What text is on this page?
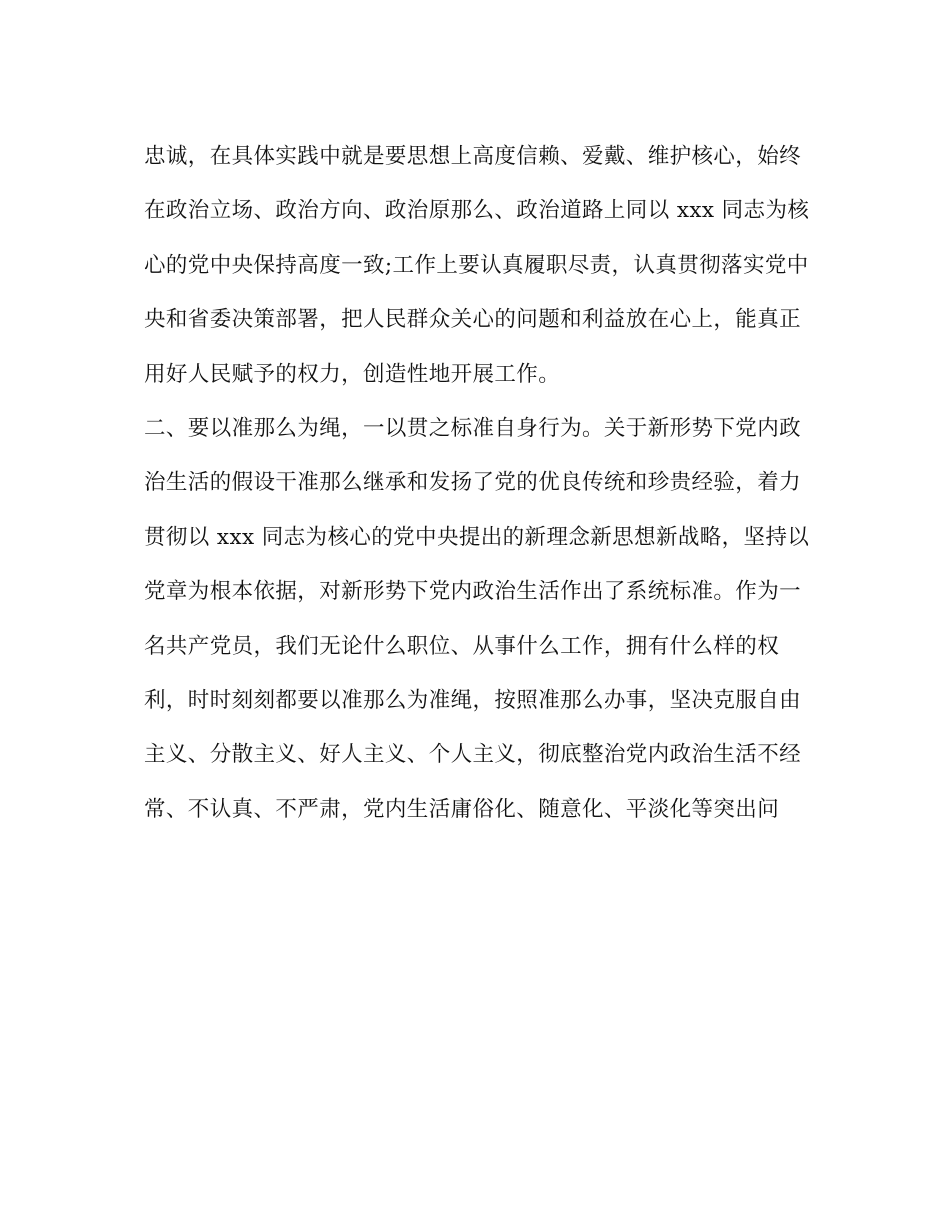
忠诚，在具体实践中就是要思想上高度信赖、爱戴、维护核心，始终
在政治立场、政治方向、政治原那么、政治道路上同以 xxx 同志为核
心的党中央保持高度一致;工作上要认真履职尽责，认真贯彻落实党中
央和省委决策部署，把人民群众关心的问题和利益放在心上，能真正
用好人民赋予的权力，创造性地开展工作。
二、要以准那么为绳，一以贯之标准自身行为。关于新形势下党内政
治生活的假设干准那么继承和发扬了党的优良传统和珍贵经验，着力
贯彻以 xxx 同志为核心的党中央提出的新理念新思想新战略，坚持以
党章为根本依据，对新形势下党内政治生活作出了系统标准。作为一
名共产党员，我们无论什么职位、从事什么工作，拥有什么样的权
利，时时刻刻都要以准那么为准绳，按照准那么办事，坚决克服自由
主义、分散主义、好人主义、个人主义，彻底整治党内政治生活不经
常、不认真、不严肃，党内生活庸俗化、随意化、平淡化等突出问
